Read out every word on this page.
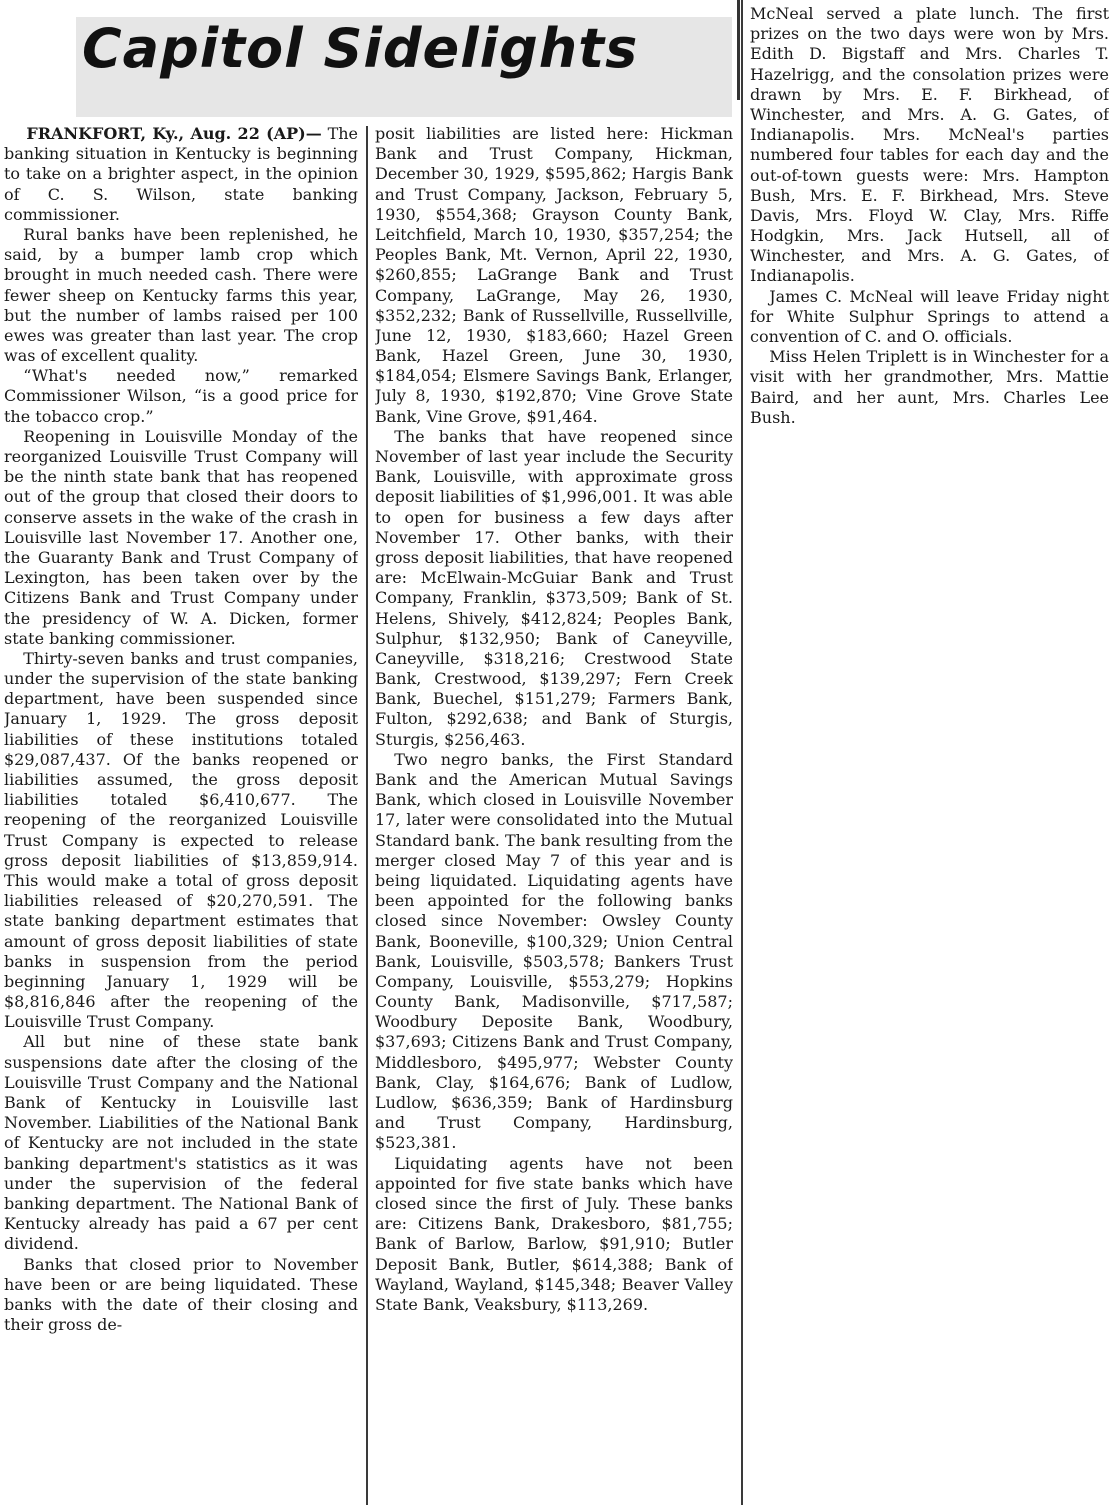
Capitol Sidelights

FRANKFORT, Ky., Aug. 22 (AP)— The banking situation in Kentucky is beginning to take on a brighter aspect, in the opinion of C. S. Wilson, state banking commissioner.

Rural banks have been replenished, he said, by a bumper lamb crop which brought in much needed cash. There were fewer sheep on Kentucky farms this year, but the number of lambs raised per 100 ewes was greater than last year. The crop was of excellent quality.

“What's needed now,” remarked Commissioner Wilson, “is a good price for the tobacco crop.”

Reopening in Louisville Monday of the reorganized Louisville Trust Company will be the ninth state bank that has reopened out of the group that closed their doors to conserve assets in the wake of the crash in Louisville last November 17. Another one, the Guaranty Bank and Trust Company of Lexington, has been taken over by the Citizens Bank and Trust Company under the presidency of W. A. Dicken, former state banking commissioner.

Thirty-seven banks and trust companies, under the supervision of the state banking department, have been suspended since January 1, 1929. The gross deposit liabilities of these institutions totaled $29,087,437. Of the banks reopened or liabilities assumed, the gross deposit liabilities totaled $6,410,677. The reopening of the reorganized Louisville Trust Company is expected to release gross deposit liabilities of $13,859,914. This would make a total of gross deposit liabilities released of $20,270,591. The state banking department estimates that amount of gross deposit liabilities of state banks in suspension from the period beginning January 1, 1929 will be $8,816,846 after the reopening of the Louisville Trust Company.

All but nine of these state bank suspensions date after the closing of the Louisville Trust Company and the National Bank of Kentucky in Louisville last November. Liabilities of the National Bank of Kentucky are not included in the state banking department's statistics as it was under the supervision of the federal banking department. The National Bank of Kentucky already has paid a 67 per cent dividend.

Banks that closed prior to November have been or are being liquidated. These banks with the date of their closing and their gross de-

posit liabilities are listed here: Hickman Bank and Trust Company, Hickman, December 30, 1929, $595,862; Hargis Bank and Trust Company, Jackson, February 5, 1930, $554,368; Grayson County Bank, Leitchfield, March 10, 1930, $357,254; the Peoples Bank, Mt. Vernon, April 22, 1930, $260,855; LaGrange Bank and Trust Company, LaGrange, May 26, 1930, $352,232; Bank of Russellville, Russellville, June 12, 1930, $183,660; Hazel Green Bank, Hazel Green, June 30, 1930, $184,054; Elsmere Savings Bank, Erlanger, July 8, 1930, $192,870; Vine Grove State Bank, Vine Grove, $91,464.

The banks that have reopened since November of last year include the Security Bank, Louisville, with approximate gross deposit liabilities of $1,996,001. It was able to open for business a few days after November 17. Other banks, with their gross deposit liabilities, that have reopened are: McElwain-McGuiar Bank and Trust Company, Franklin, $373,509; Bank of St. Helens, Shively, $412,824; Peoples Bank, Sulphur, $132,950; Bank of Caneyville, Caneyville, $318,216; Crestwood State Bank, Crestwood, $139,297; Fern Creek Bank, Buechel, $151,279; Farmers Bank, Fulton, $292,638; and Bank of Sturgis, Sturgis, $256,463.

Two negro banks, the First Standard Bank and the American Mutual Savings Bank, which closed in Louisville November 17, later were consolidated into the Mutual Standard bank. The bank resulting from the merger closed May 7 of this year and is being liquidated. Liquidating agents have been appointed for the following banks closed since November: Owsley County Bank, Booneville, $100,329; Union Central Bank, Louisville, $503,578; Bankers Trust Company, Louisville, $553,279; Hopkins County Bank, Madisonville, $717,587; Woodbury Deposite Bank, Woodbury, $37,693; Citizens Bank and Trust Company, Middlesboro, $495,977; Webster County Bank, Clay, $164,676; Bank of Ludlow, Ludlow, $636,359; Bank of Hardinsburg and Trust Company, Hardinsburg, $523,381.

Liquidating agents have not been appointed for five state banks which have closed since the first of July. These banks are: Citizens Bank, Drakesboro, $81,755; Bank of Barlow, Barlow, $91,910; Butler Deposit Bank, Butler, $614,388; Bank of Wayland, Wayland, $145,348; Beaver Valley State Bank, Veaksbury, $113,269.

McNeal served a plate lunch. The first prizes on the two days were won by Mrs. Edith D. Bigstaff and Mrs. Charles T. Hazelrigg, and the consolation prizes were drawn by Mrs. E. F. Birkhead, of Winchester, and Mrs. A. G. Gates, of Indianapolis. Mrs. McNeal's parties numbered four tables for each day and the out-of-town guests were: Mrs. Hampton Bush, Mrs. E. F. Birkhead, Mrs. Steve Davis, Mrs. Floyd W. Clay, Mrs. Riffe Hodgkin, Mrs. Jack Hutsell, all of Winchester, and Mrs. A. G. Gates, of Indianapolis.

James C. McNeal will leave Friday night for White Sulphur Springs to attend a convention of C. and O. officials.

Miss Helen Triplett is in Winchester for a visit with her grandmother, Mrs. Mattie Baird, and her aunt, Mrs. Charles Lee Bush.
